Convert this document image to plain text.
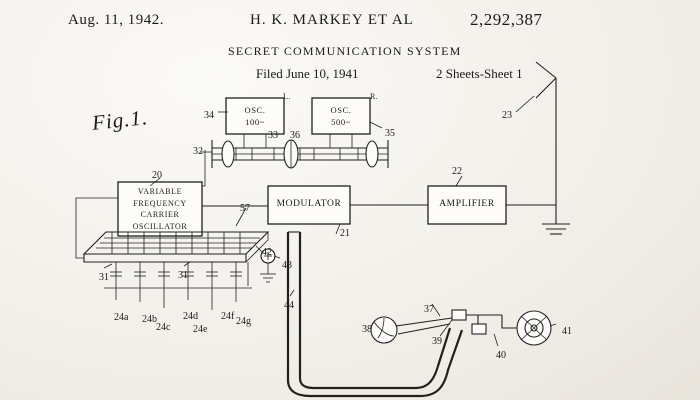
Aug. 11, 1942.	H. K. MARKEY ET AL	2,292,387
SECRET COMMUNICATION SYSTEM
Filed June 10, 1941	2 Sheets-Sheet 1
Fig.1.	OSC.
100~
OSC.
500~
VARIABLE
FREQUENCY
CARRIER
OSCILLATOR
MODULATOR	AMPLIFIER
L.	R.
20
21
22
23
24a 24b
24c
24d
24e
24f 24g
31	31
32
33
34
35
36
37
38
39
40
41
42
43
44
57
